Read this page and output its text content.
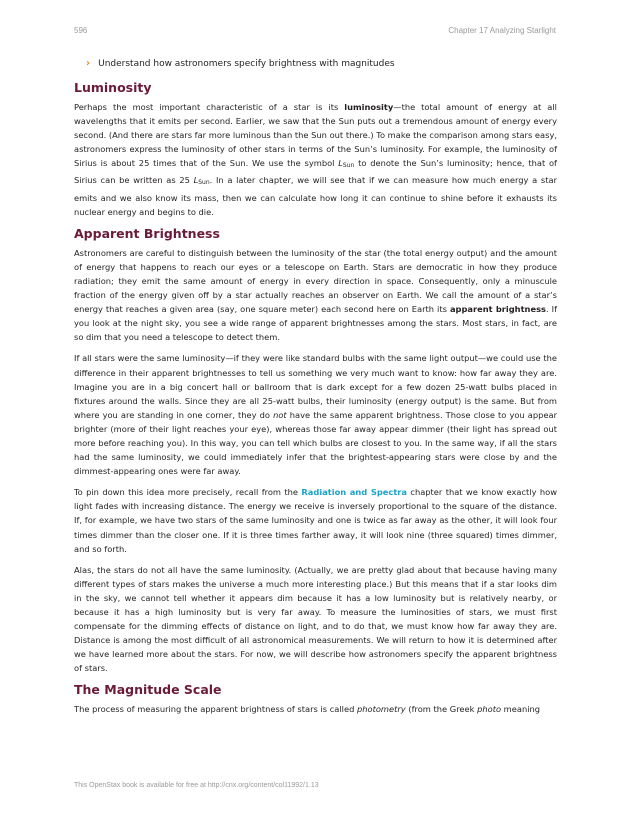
596	Chapter 17 Analyzing Starlight
› Understand how astronomers specify brightness with magnitudes
Luminosity

Perhaps the most important characteristic of a star is its luminosity—the total amount of energy at all wavelengths that it emits per second. Earlier, we saw that the Sun puts out a tremendous amount of energy every second. (And there are stars far more luminous than the Sun out there.) To make the comparison among stars easy, astronomers express the luminosity of other stars in terms of the Sun’s luminosity. For example, the luminosity of Sirius is about 25 times that of the Sun. We use the symbol $L_{Sun}$ to denote the Sun’s luminosity; hence, that of Sirius can be written as 25 $L_{Sun}$. In a later chapter, we will see that if we can measure how much energy a star emits and we also know its mass, then we can calculate how long it can continue to shine before it exhausts its nuclear energy and begins to die.

Apparent Brightness

Astronomers are careful to distinguish between the luminosity of the star (the total energy output) and the amount of energy that happens to reach our eyes or a telescope on Earth. Stars are democratic in how they produce radiation; they emit the same amount of energy in every direction in space. Consequently, only a minuscule fraction of the energy given off by a star actually reaches an observer on Earth. We call the amount of a star’s energy that reaches a given area (say, one square meter) each second here on Earth its apparent brightness. If you look at the night sky, you see a wide range of apparent brightnesses among the stars. Most stars, in fact, are so dim that you need a telescope to detect them.

If all stars were the same luminosity—if they were like standard bulbs with the same light output—we could use the difference in their apparent brightnesses to tell us something we very much want to know: how far away they are. Imagine you are in a big concert hall or ballroom that is dark except for a few dozen 25-watt bulbs placed in fixtures around the walls. Since they are all 25-watt bulbs, their luminosity (energy output) is the same. But from where you are standing in one corner, they do not have the same apparent brightness. Those close to you appear brighter (more of their light reaches your eye), whereas those far away appear dimmer (their light has spread out more before reaching you). In this way, you can tell which bulbs are closest to you. In the same way, if all the stars had the same luminosity, we could immediately infer that the brightest-appearing stars were close by and the dimmest-appearing ones were far away.

To pin down this idea more precisely, recall from the Radiation and Spectra chapter that we know exactly how light fades with increasing distance. The energy we receive is inversely proportional to the square of the distance. If, for example, we have two stars of the same luminosity and one is twice as far away as the other, it will look four times dimmer than the closer one. If it is three times farther away, it will look nine (three squared) times dimmer, and so forth.

Alas, the stars do not all have the same luminosity. (Actually, we are pretty glad about that because having many different types of stars makes the universe a much more interesting place.) But this means that if a star looks dim in the sky, we cannot tell whether it appears dim because it has a low luminosity but is relatively nearby, or because it has a high luminosity but is very far away. To measure the luminosities of stars, we must first compensate for the dimming effects of distance on light, and to do that, we must know how far away they are. Distance is among the most difficult of all astronomical measurements. We will return to how it is determined after we have learned more about the stars. For now, we will describe how astronomers specify the apparent brightness of stars.

The Magnitude Scale

The process of measuring the apparent brightness of stars is called photometry (from the Greek photo meaning

This OpenStax book is available for free at http://cnx.org/content/col11992/1.13
